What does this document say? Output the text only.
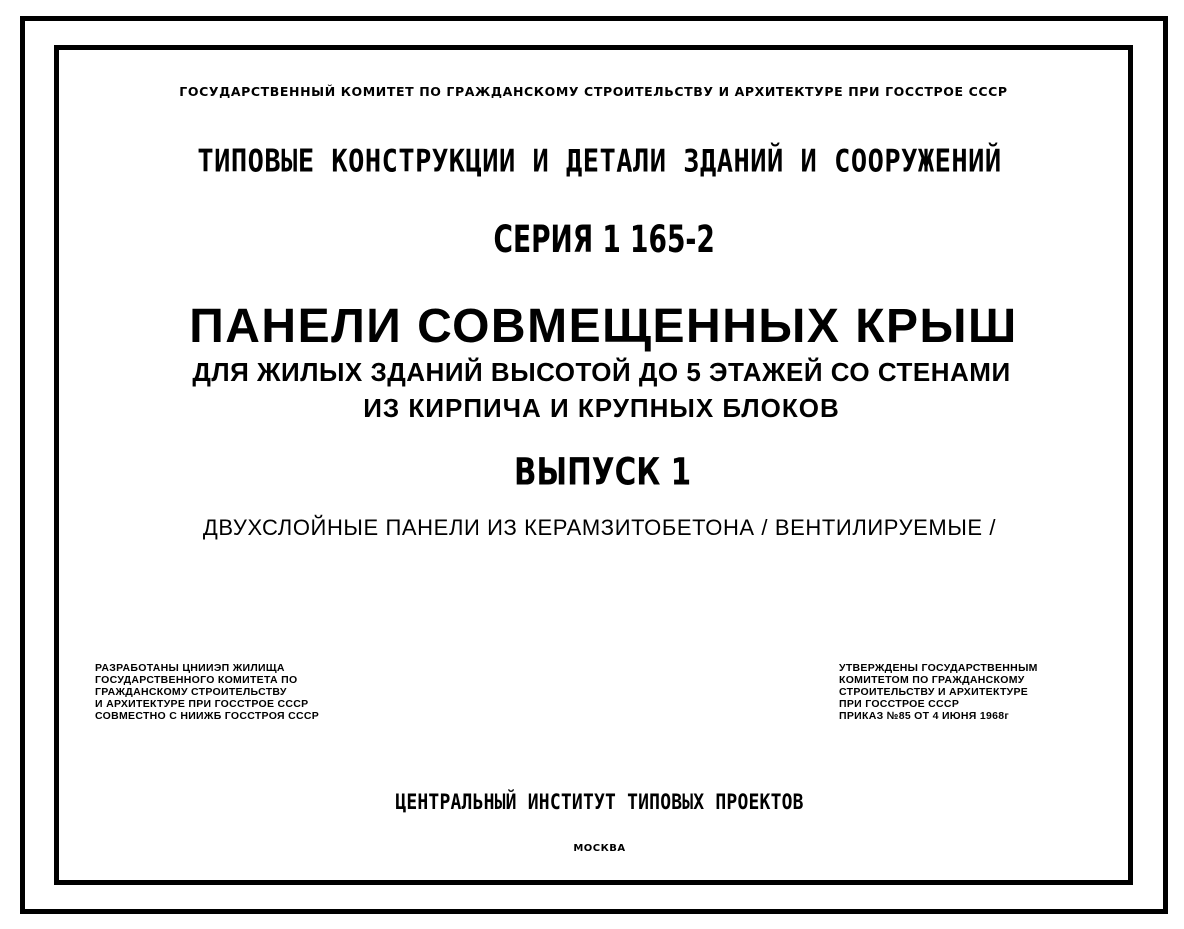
ГОСУДАРСТВЕННЫЙ КОМИТЕТ ПО ГРАЖДАНСКОМУ СТРОИТЕЛЬСТВУ И АРХИТЕКТУРЕ ПРИ ГОССТРОЕ СССР
ТИПОВЫЕ КОНСТРУКЦИИ И ДЕТАЛИ ЗДАНИЙ И СООРУЖЕНИЙ
СЕРИЯ 1 165-2
ПАНЕЛИ СОВМЕЩЕННЫХ КРЫШ
ДЛЯ ЖИЛЫХ ЗДАНИЙ ВЫСОТОЙ ДО 5 ЭТАЖЕЙ СО СТЕНАМИ
ИЗ КИРПИЧА И КРУПНЫХ БЛОКОВ
ВЫПУСК 1
ДВУХСЛОЙНЫЕ ПАНЕЛИ ИЗ КЕРАМЗИТОБЕТОНА / ВЕНТИЛИРУЕМЫЕ /
РАЗРАБОТАНЫ ЦНИИЭП ЖИЛИЩА
ГОСУДАРСТВЕННОГО КОМИТЕТА ПО
ГРАЖДАНСКОМУ СТРОИТЕЛЬСТВУ
И АРХИТЕКТУРЕ ПРИ ГОССТРОЕ СССР
СОВМЕСТНО С НИИЖБ ГОССТРОЯ СССР
УТВЕРЖДЕНЫ ГОСУДАРСТВЕННЫМ
КОМИТЕТОМ ПО ГРАЖДАНСКОМУ
СТРОИТЕЛЬСТВУ И АРХИТЕКТУРЕ
ПРИ ГОССТРОЕ СССР
ПРИКАЗ №85 ОТ 4 ИЮНЯ 1968г
ЦЕНТРАЛЬНЫЙ ИНСТИТУТ ТИПОВЫХ ПРОЕКТОВ
МОСКВА
